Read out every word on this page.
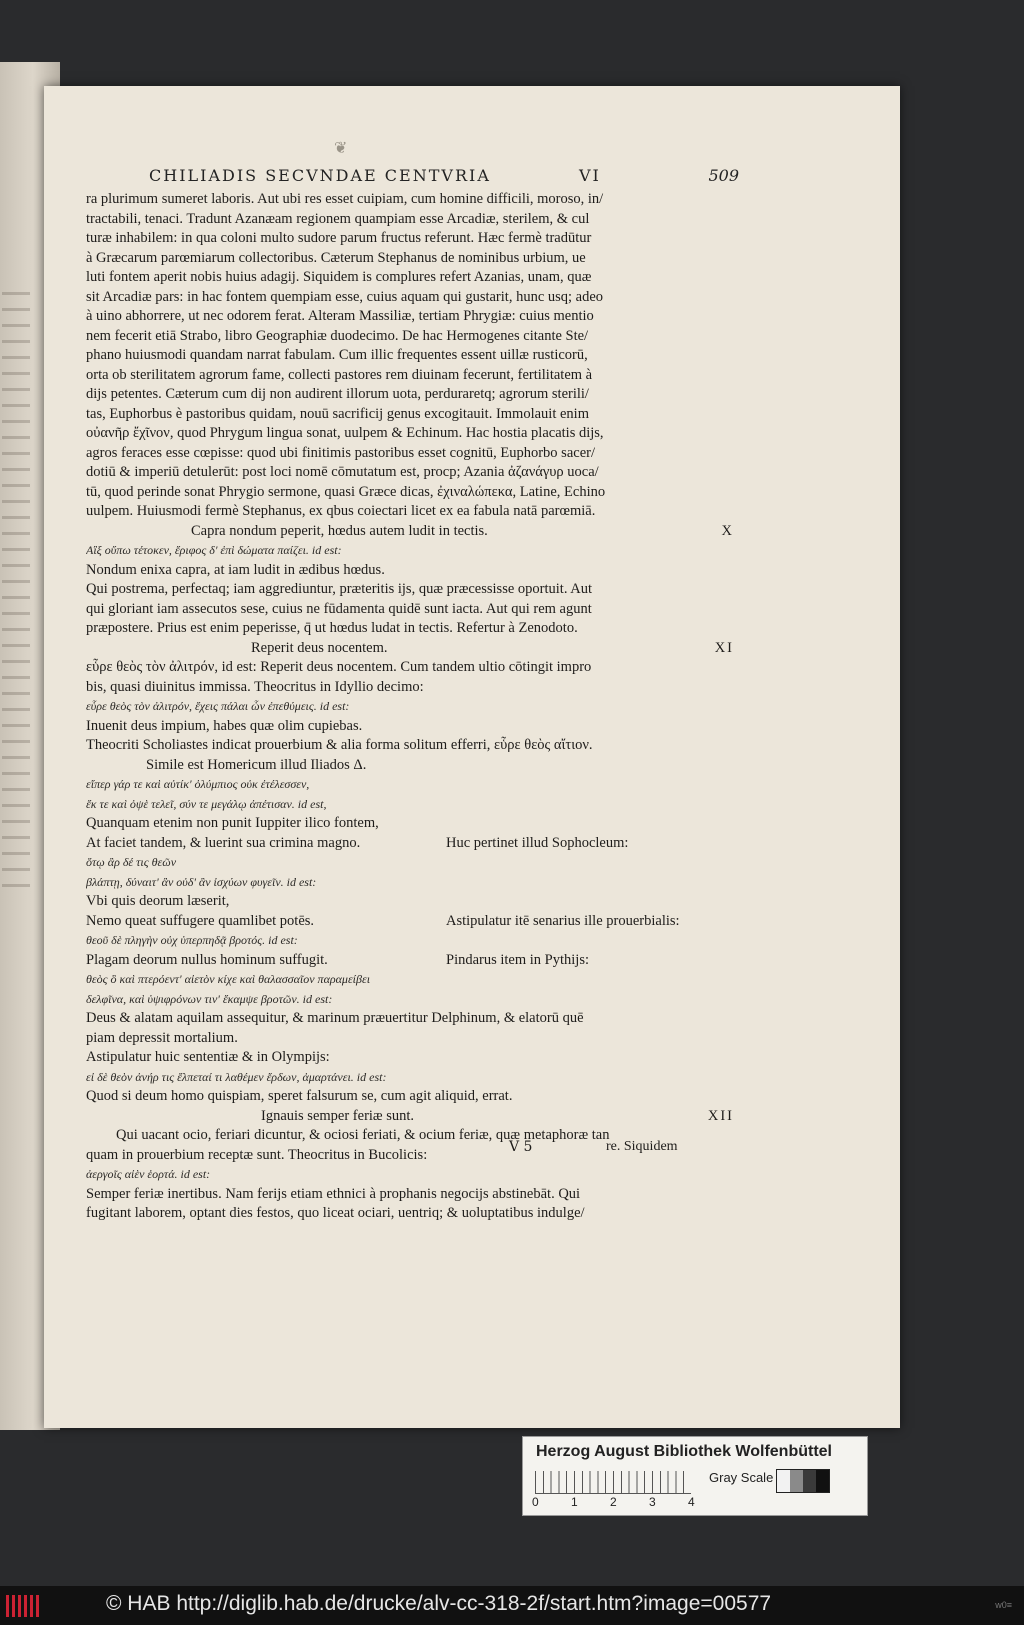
❦
CHILIADIS SECVNDAE CENTVRIA	VI	509
ra plurimum sumeret laboris. Aut ubi res esset cuipiam, cum homine difficili, moroso, in/
tractabili, tenaci. Tradunt Azanæam regionem quampiam esse Arcadiæ, sterilem, & cul
turæ inhabilem: in qua coloni multo sudore parum fructus referunt. Hæc fermè tradūtur
à Græcarum parœmiarum collectoribus. Cæterum Stephanus de nominibus urbium, ue
luti fontem aperit nobis huius adagij. Siquidem is complures refert Azanias, unam, quæ
sit Arcadiæ pars: in hac fontem quempiam esse, cuius aquam qui gustarit, hunc usq; adeo
à uino abhorrere, ut nec odorem ferat. Alteram Massiliæ, tertiam Phrygiæ: cuius mentio
nem fecerit etiā Strabo, libro Geographiæ duodecimo. De hac Hermogenes citante Ste/
phano huiusmodi quandam narrat fabulam. Cum illic frequentes essent uillæ rusticorū,
orta ob sterilitatem agrorum fame, collecti pastores rem diuinam fecerunt, fertilitatem à
dijs petentes. Cæterum cum dij non audirent illorum uota, perduraretq; agrorum sterili/
tas, Euphorbus è pastoribus quidam, nouū sacrificij genus excogitauit. Immolauit enim
οὐανῆρ ἔχῖνον, quod Phrygum lingua sonat, uulpem & Echinum. Hac hostia placatis dijs,
agros feraces esse cœpisse: quod ubi finitimis pastoribus esset cognitū, Euphorbo sacer/
dotiū & imperiū detulerūt: post loci nomē cōmutatum est, procp; Azania ἀζανάγυρ uoca/
tū, quod perinde sonat Phrygio sermone, quasi Græce dicas, ἐχιναλώπεκα, Latine, Echino
uulpem. Huiusmodi fermè Stephanus, ex qbus coiectari licet ex ea fabula natā parœmiā.
X
Capra nondum peperit, hœdus autem ludit in tectis.
Αἲξ οὔπω τέτοκεν, ἔριφος δ' ἐπὶ δώματα παίζει. id est:
Nondum enixa capra, at iam ludit in ædibus hœdus.
Qui postrema, perfectaq; iam aggrediuntur, præteritis ijs, quæ præcessisse oportuit. Aut
qui gloriant iam assecutos sese, cuius ne fūdamenta quidē sunt iacta. Aut qui rem agunt
præpostere. Prius est enim peperisse, q̄ ut hœdus ludat in tectis. Refertur à Zenodoto.
XI
Reperit deus nocentem.
εὗρε θεὸς τὸν ἀλιτρόν, id est: Reperit deus nocentem. Cum tandem ultio cōtingit impro
bis, quasi diuinitus immissa. Theocritus in Idyllio decimo:
εὗρε θεὸς τὸν ἀλιτρόν, ἔχεις πάλαι ὧν ἐπεθύμεις. id est:
Inuenit deus impium, habes quæ olim cupiebas.
Theocriti Scholiastes indicat prouerbium & alia forma solitum efferri, εὗρε θεὸς αἴτιον.
Simile est Homericum illud Iliados Δ.
εἴπερ γάρ τε καὶ αὐτίκ' ὀλύμπιος οὐκ ἐτέλεσσεν,
ἔκ τε καὶ ὀψὲ τελεῖ, σύν τε μεγάλῳ ἀπέτισαν. id est,
Quanquam etenim non punit Iuppiter ilico fontem,
At faciet tandem, & luerint sua crimina magno.	Huc pertinet illud Sophocleum:
ὅτῳ ἂρ δέ τις θεῶν
βλάπτῃ, δύναιτ' ἂν οὐδ' ἂν ἰσχύων φυγεῖν. id est:
Vbi quis deorum læserit,
Nemo queat suffugere quamlibet potēs.	Astipulatur itē senarius ille prouerbialis:
θεοῦ δὲ πληγὴν οὐχ ὑπερπηδᾷ βροτός. id est:
Plagam deorum nullus hominum suffugit.	Pindarus item in Pythijs:
θεὸς ὃ καὶ πτερόεντ' αἰετὸν κίχε καὶ θαλασσαῖον παραμείβει
δελφῖνα, καὶ ὑψιφρόνων τιν' ἔκαμψε βροτῶν. id est:
Deus & alatam aquilam assequitur, & marinum præuertitur Delphinum, & elatorū quē
piam depressit mortalium.
Astipulatur huic sententiæ & in Olympijs:
εἰ δὲ θεὸν ἀνήρ τις ἔλπεταί τι λαθέμεν ἔρδων, ἁμαρτάνει. id est:
Quod si deum homo quispiam, speret falsurum se, cum agit aliquid, errat.
XII
Ignauis semper feriæ sunt.
Qui uacant ocio, feriari dicuntur, & ociosi feriati, & ocium feriæ, quæ metaphoræ tan
quam in prouerbium receptæ sunt. Theocritus in Bucolicis:
ἀεργοῖς αἰὲν ἑορτά. id est:
Semper feriæ inertibus. Nam ferijs etiam ethnici à prophanis negocijs abstinebāt. Qui
fugitant laborem, optant dies festos, quo liceat ociari, uentriq; & uoluptatibus indulge/
V 5	re. Siquidem
Herzog August Bibliothek Wolfenbüttel
0	1	2	3	4
Gray Scale
© HAB http://diglib.hab.de/drucke/alv-cc-318-2f/start.htm?image=00577	w0≡
